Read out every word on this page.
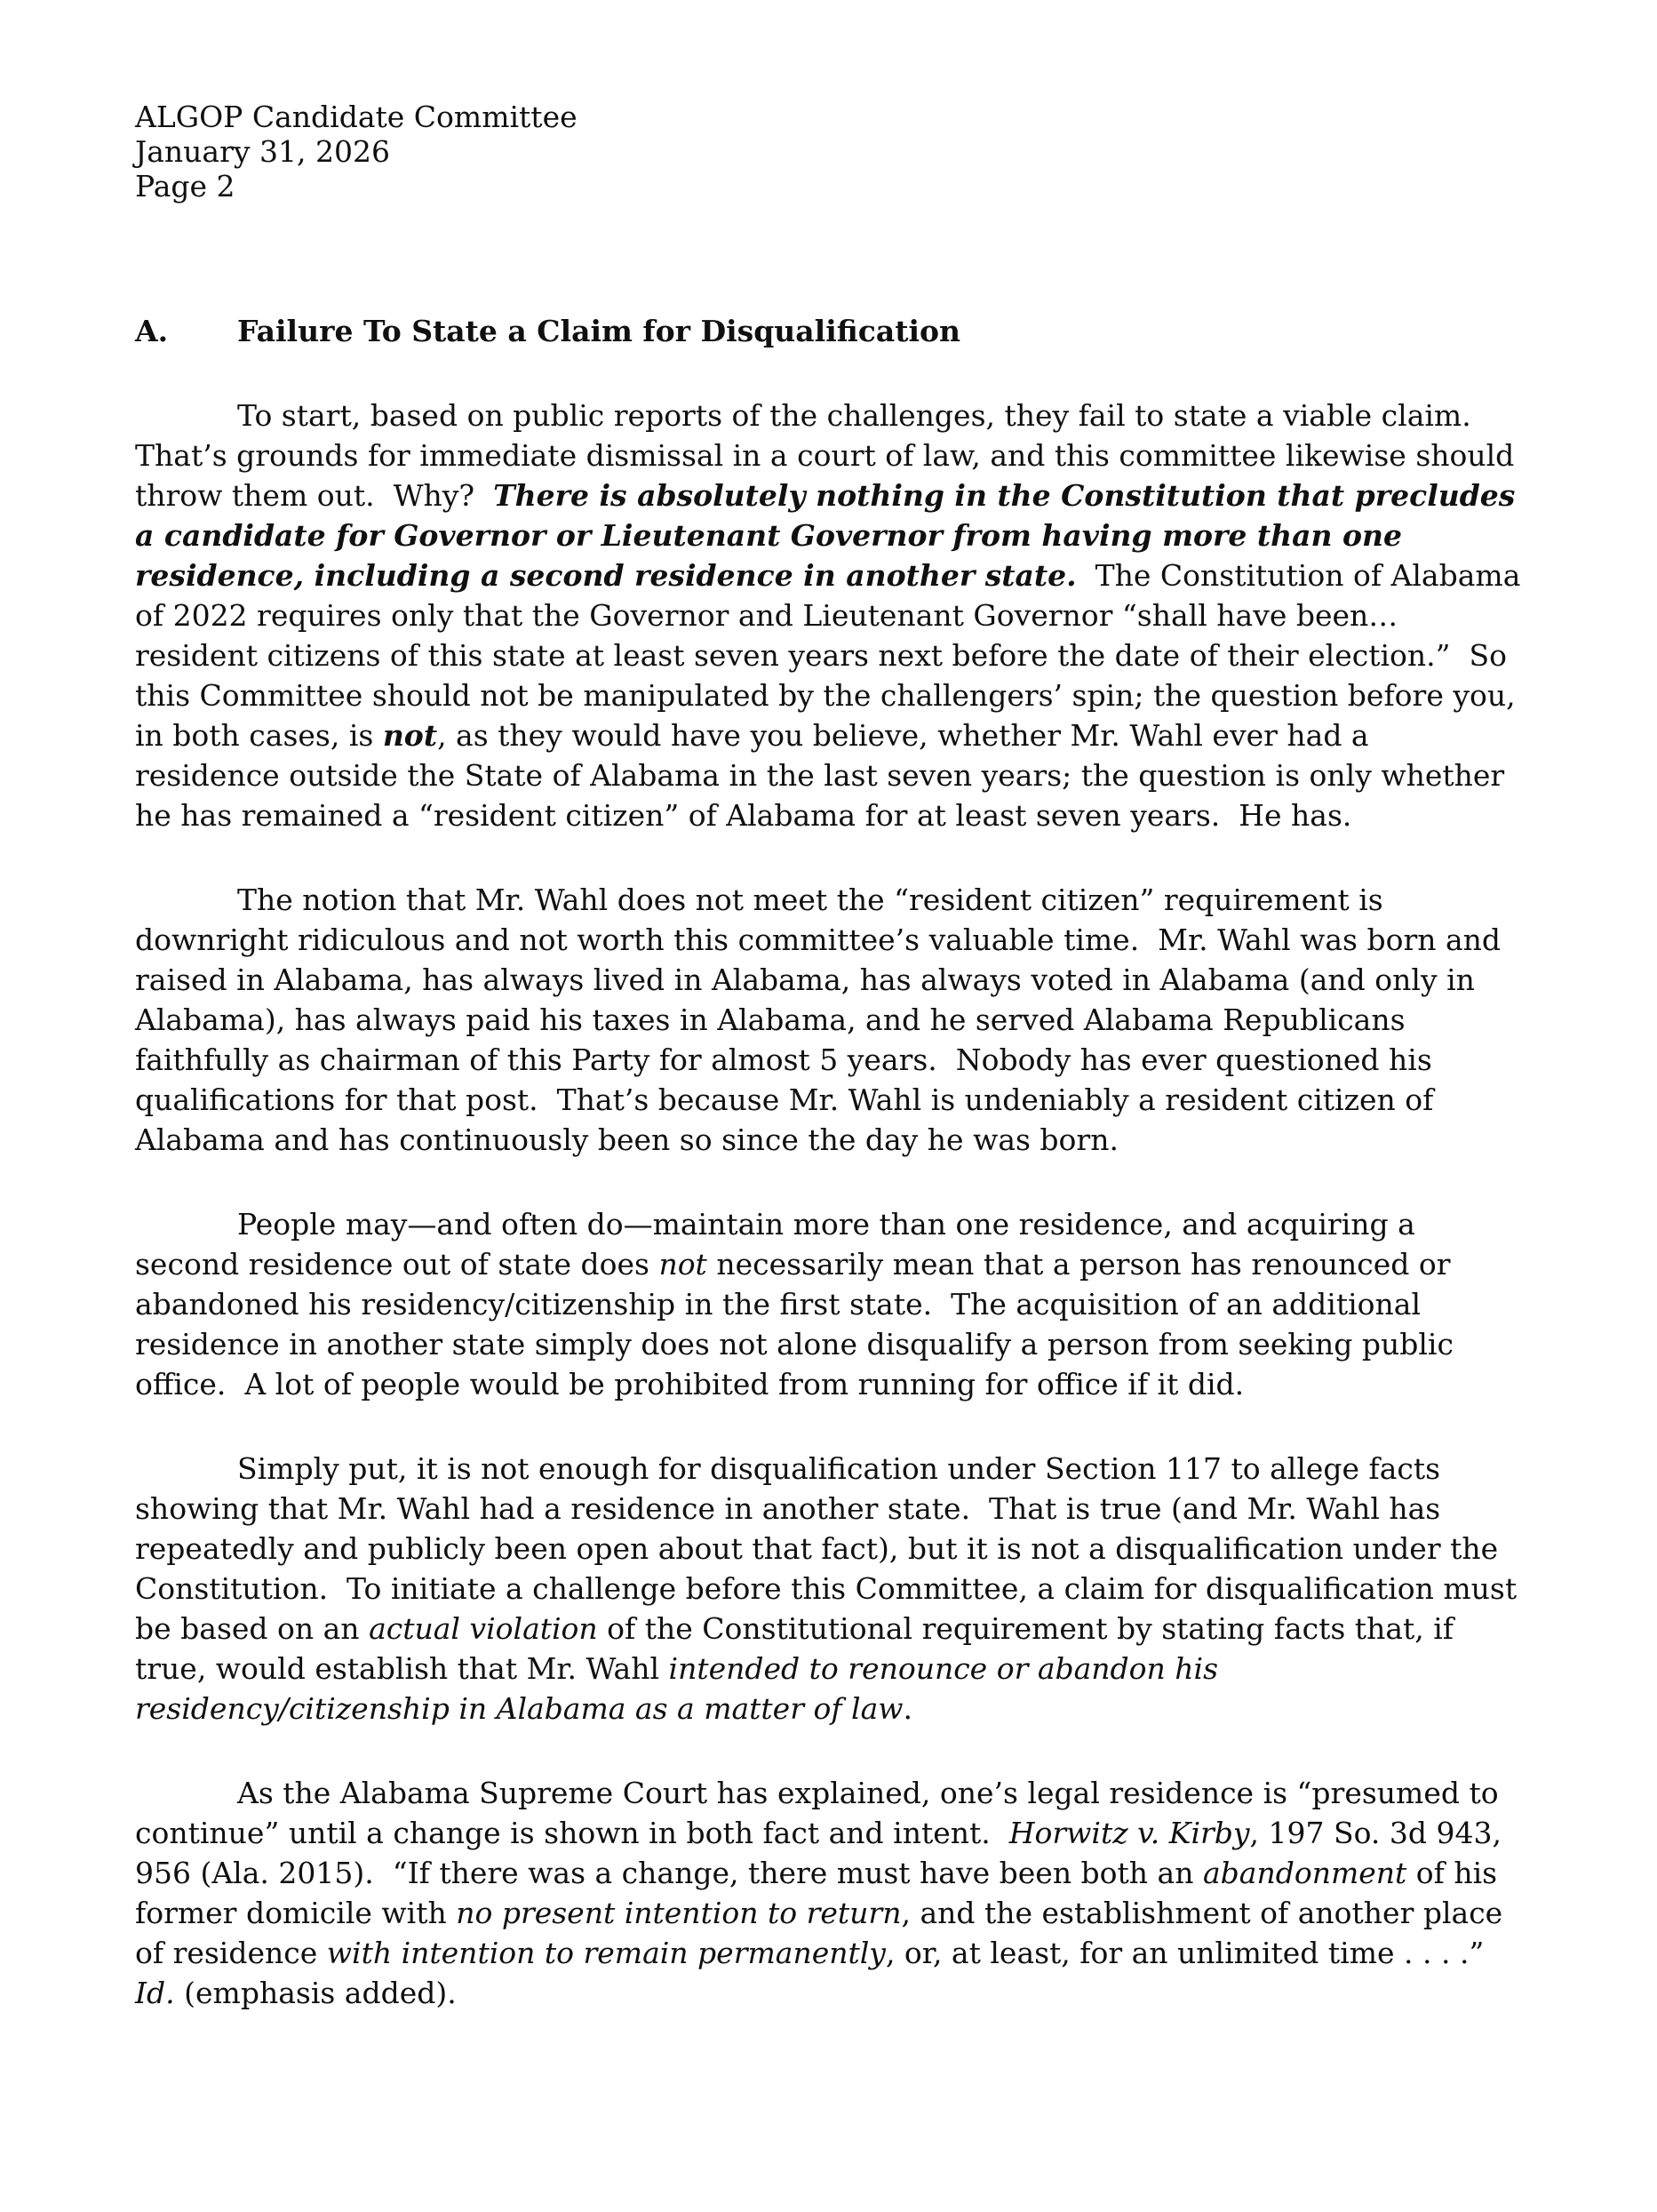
ALGOP Candidate Committee
January 31, 2026
Page 2
A.	Failure To State a Claim for Disqualification

To start, based on public reports of the challenges, they fail to state a viable claim.  That’s grounds for immediate dismissal in a court of law, and this committee likewise should throw them out.  Why?  There is absolutely nothing in the Constitution that precludes a candidate for Governor or Lieutenant Governor from having more than one residence, including a second residence in another state.  The Constitution of Alabama of 2022 requires only that the Governor and Lieutenant Governor “shall have been… resident citizens of this state at least seven years next before the date of their election.”  So this Committee should not be manipulated by the challengers’ spin; the question before you, in both cases, is not, as they would have you believe, whether Mr. Wahl ever had a residence outside the State of Alabama in the last seven years; the question is only whether he has remained a “resident citizen” of Alabama for at least seven years.  He has.

The notion that Mr. Wahl does not meet the “resident citizen” requirement is downright ridiculous and not worth this committee’s valuable time.  Mr. Wahl was born and raised in Alabama, has always lived in Alabama, has always voted in Alabama (and only in Alabama), has always paid his taxes in Alabama, and he served Alabama Republicans faithfully as chairman of this Party for almost 5 years.  Nobody has ever questioned his qualifications for that post.  That’s because Mr. Wahl is undeniably a resident citizen of Alabama and has continuously been so since the day he was born.

People may—and often do—maintain more than one residence, and acquiring a second residence out of state does not necessarily mean that a person has renounced or abandoned his residency/citizenship in the first state.  The acquisition of an additional residence in another state simply does not alone disqualify a person from seeking public office.  A lot of people would be prohibited from running for office if it did.

Simply put, it is not enough for disqualification under Section 117 to allege facts showing that Mr. Wahl had a residence in another state.  That is true (and Mr. Wahl has repeatedly and publicly been open about that fact), but it is not a disqualification under the Constitution.  To initiate a challenge before this Committee, a claim for disqualification must be based on an actual violation of the Constitutional requirement by stating facts that, if true, would establish that Mr. Wahl intended to renounce or abandon his residency/citizenship in Alabama as a matter of law.

As the Alabama Supreme Court has explained, one’s legal residence is “presumed to continue” until a change is shown in both fact and intent.  Horwitz v. Kirby, 197 So. 3d 943, 956 (Ala. 2015).  “If there was a change, there must have been both an abandonment of his former domicile with no present intention to return, and the establishment of another place of residence with intention to remain permanently, or, at least, for an unlimited time . . . .”  Id. (emphasis added).
